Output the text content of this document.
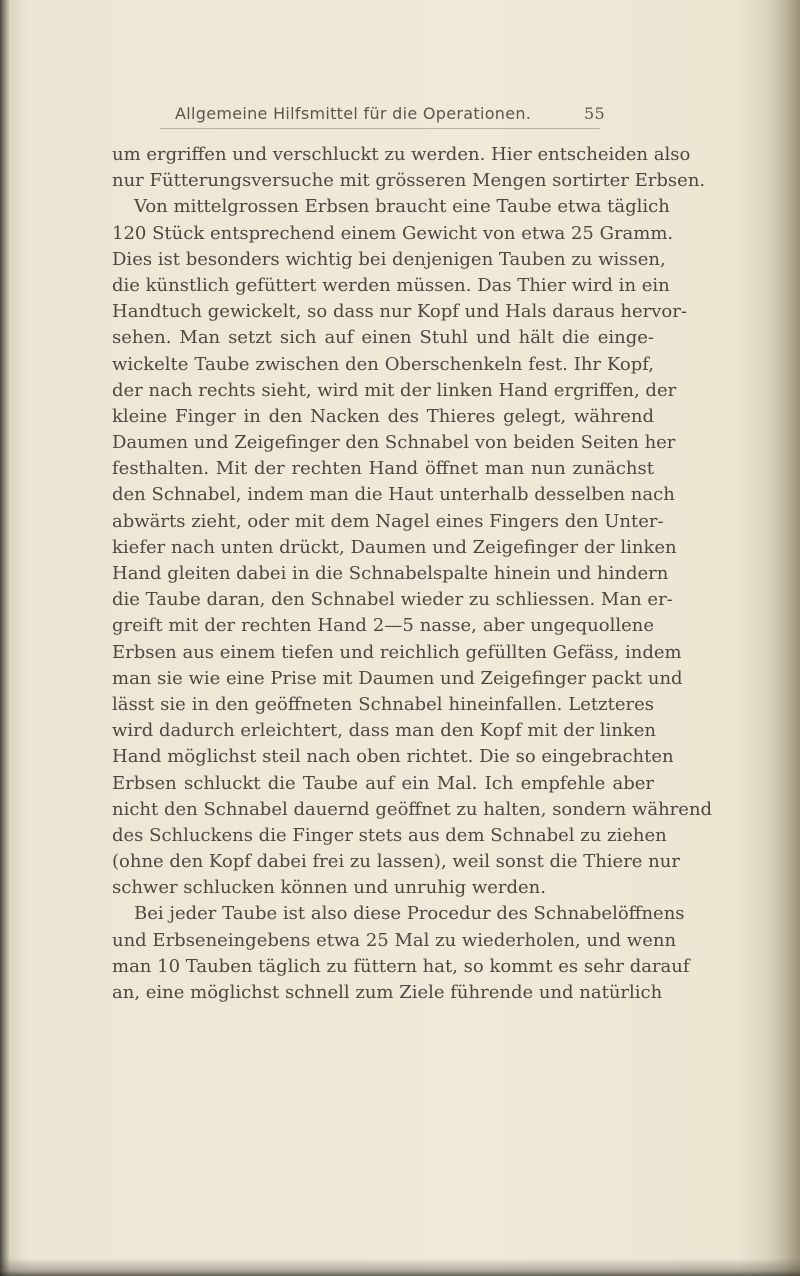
Allgemeine Hilfsmittel für die Operationen.	55
um ergriffen und verschluckt zu werden. Hier entscheiden also
nur Fütterungsversuche mit grösseren Mengen sortirter Erbsen.
Von mittelgrossen Erbsen braucht eine Taube etwa täglich
120 Stück entsprechend einem Gewicht von etwa 25 Gramm.
Dies ist besonders wichtig bei denjenigen Tauben zu wissen,
die künstlich gefüttert werden müssen. Das Thier wird in ein
Handtuch gewickelt, so dass nur Kopf und Hals daraus hervor-
sehen. Man setzt sich auf einen Stuhl und hält die einge-
wickelte Taube zwischen den Oberschenkeln fest. Ihr Kopf,
der nach rechts sieht, wird mit der linken Hand ergriffen, der
kleine Finger in den Nacken des Thieres gelegt, während
Daumen und Zeigefinger den Schnabel von beiden Seiten her
festhalten. Mit der rechten Hand öffnet man nun zunächst
den Schnabel, indem man die Haut unterhalb desselben nach
abwärts zieht, oder mit dem Nagel eines Fingers den Unter-
kiefer nach unten drückt, Daumen und Zeigefinger der linken
Hand gleiten dabei in die Schnabelspalte hinein und hindern
die Taube daran, den Schnabel wieder zu schliessen. Man er-
greift mit der rechten Hand 2—5 nasse, aber ungequollene
Erbsen aus einem tiefen und reichlich gefüllten Gefäss, indem
man sie wie eine Prise mit Daumen und Zeigefinger packt und
lässt sie in den geöffneten Schnabel hineinfallen. Letzteres
wird dadurch erleichtert, dass man den Kopf mit der linken
Hand möglichst steil nach oben richtet. Die so eingebrachten
Erbsen schluckt die Taube auf ein Mal. Ich empfehle aber
nicht den Schnabel dauernd geöffnet zu halten, sondern während
des Schluckens die Finger stets aus dem Schnabel zu ziehen
(ohne den Kopf dabei frei zu lassen), weil sonst die Thiere nur
schwer schlucken können und unruhig werden.
Bei jeder Taube ist also diese Procedur des Schnabelöffnens
und Erbseneingebens etwa 25 Mal zu wiederholen, und wenn
man 10 Tauben täglich zu füttern hat, so kommt es sehr darauf
an, eine möglichst schnell zum Ziele führende und natürlich
